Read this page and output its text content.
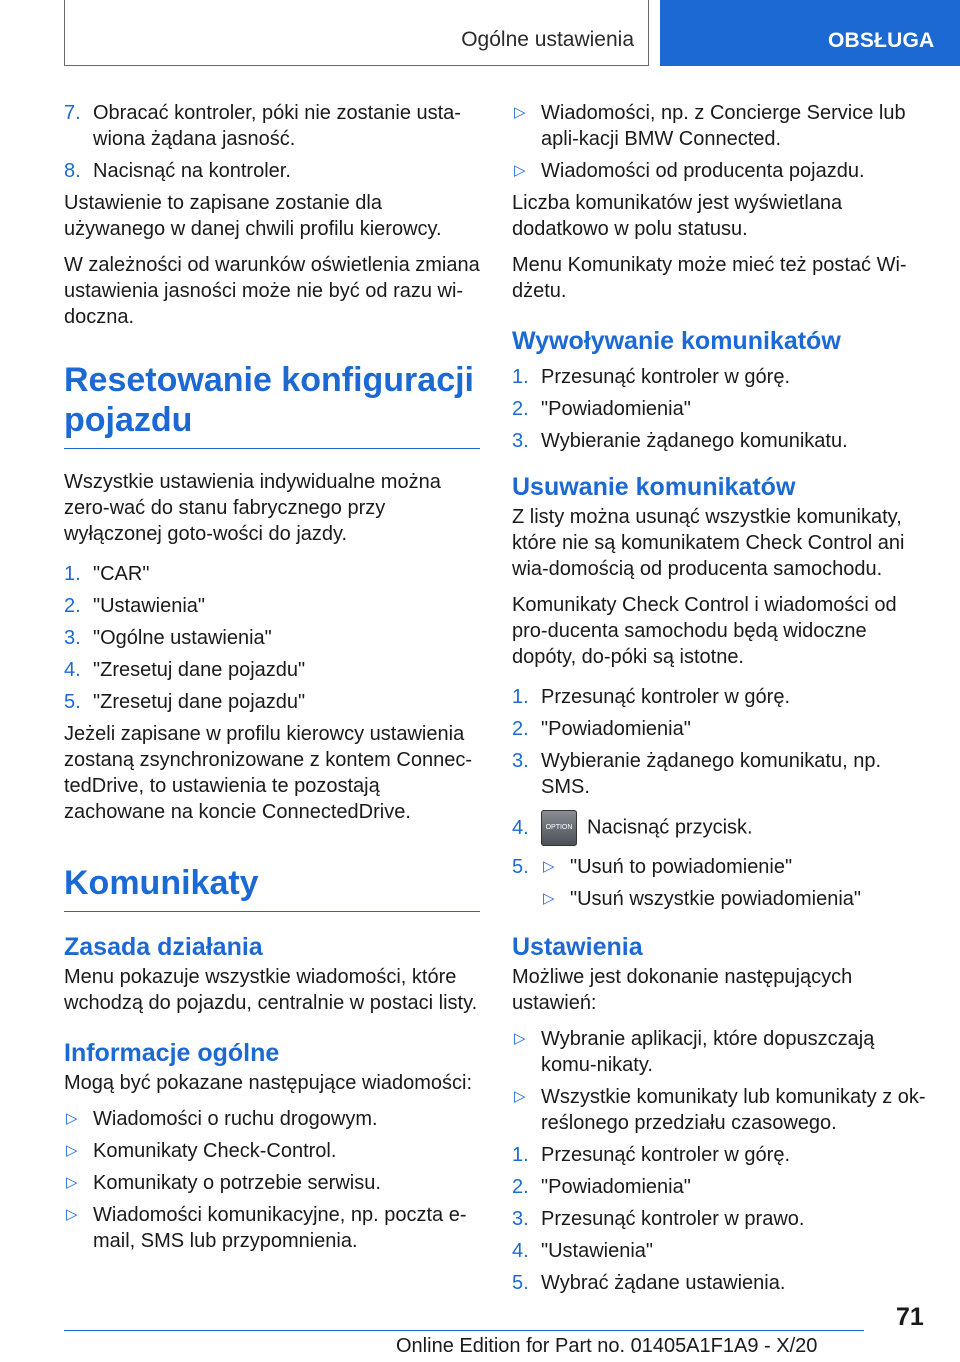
Ogólne ustawienia	OBSŁUGA
7. Obracać kontroler, póki nie zostanie usta-wiona żądana jasność.
8. Nacisnąć na kontroler.
Ustawienie to zapisane zostanie dla używanego w danej chwili profilu kierowcy.
W zależności od warunków oświetlenia zmiana ustawienia jasności może nie być od razu wi-doczna.
Resetowanie konfiguracji pojazdu
Wszystkie ustawienia indywidualne można zero-wać do stanu fabrycznego przy wyłączonej goto-wości do jazdy.
1. "CAR"
2. "Ustawienia"
3. "Ogólne ustawienia"
4. "Zresetuj dane pojazdu"
5. "Zresetuj dane pojazdu"
Jeżeli zapisane w profilu kierowcy ustawienia zostaną zsynchronizowane z kontem Connec-tedDrive, to ustawienia te pozostają zachowane na koncie ConnectedDrive.
Komunikaty
Zasada działania
Menu pokazuje wszystkie wiadomości, które wchodzą do pojazdu, centralnie w postaci listy.
Informacje ogólne
Mogą być pokazane następujące wiadomości:
▷ Wiadomości o ruchu drogowym.
▷ Komunikaty Check-Control.
▷ Komunikaty o potrzebie serwisu.
▷ Wiadomości komunikacyjne, np. poczta e-mail, SMS lub przypomnienia.
▷ Wiadomości, np. z Concierge Service lub apli-kacji BMW Connected.
▷ Wiadomości od producenta pojazdu.
Liczba komunikatów jest wyświetlana dodatkowo w polu statusu.
Menu Komunikaty może mieć też postać Wi-dżetu.
Wywoływanie komunikatów
1. Przesunąć kontroler w górę.
2. "Powiadomienia"
3. Wybieranie żądanego komunikatu.
Usuwanie komunikatów
Z listy można usunąć wszystkie komunikaty, które nie są komunikatem Check Control ani wia-domością od producenta samochodu.
Komunikaty Check Control i wiadomości od pro-ducenta samochodu będą widoczne dopóty, do-póki są istotne.
1. Przesunąć kontroler w górę.
2. "Powiadomienia"
3. Wybieranie żądanego komunikatu, np. SMS.
4.	OPTION Nacisnąć przycisk.
5. ▷ "Usuń to powiadomienie"
▷ "Usuń wszystkie powiadomienia"
Ustawienia
Możliwe jest dokonanie następujących ustawień:
▷ Wybranie aplikacji, które dopuszczają komu-nikaty.
▷ Wszystkie komunikaty lub komunikaty z ok-reślonego przedziału czasowego.
1. Przesunąć kontroler w górę.
2. "Powiadomienia"
3. Przesunąć kontroler w prawo.
4. "Ustawienia"
5. Wybrać żądane ustawienia.
71
Online Edition for Part no. 01405A1F1A9 - X/20
